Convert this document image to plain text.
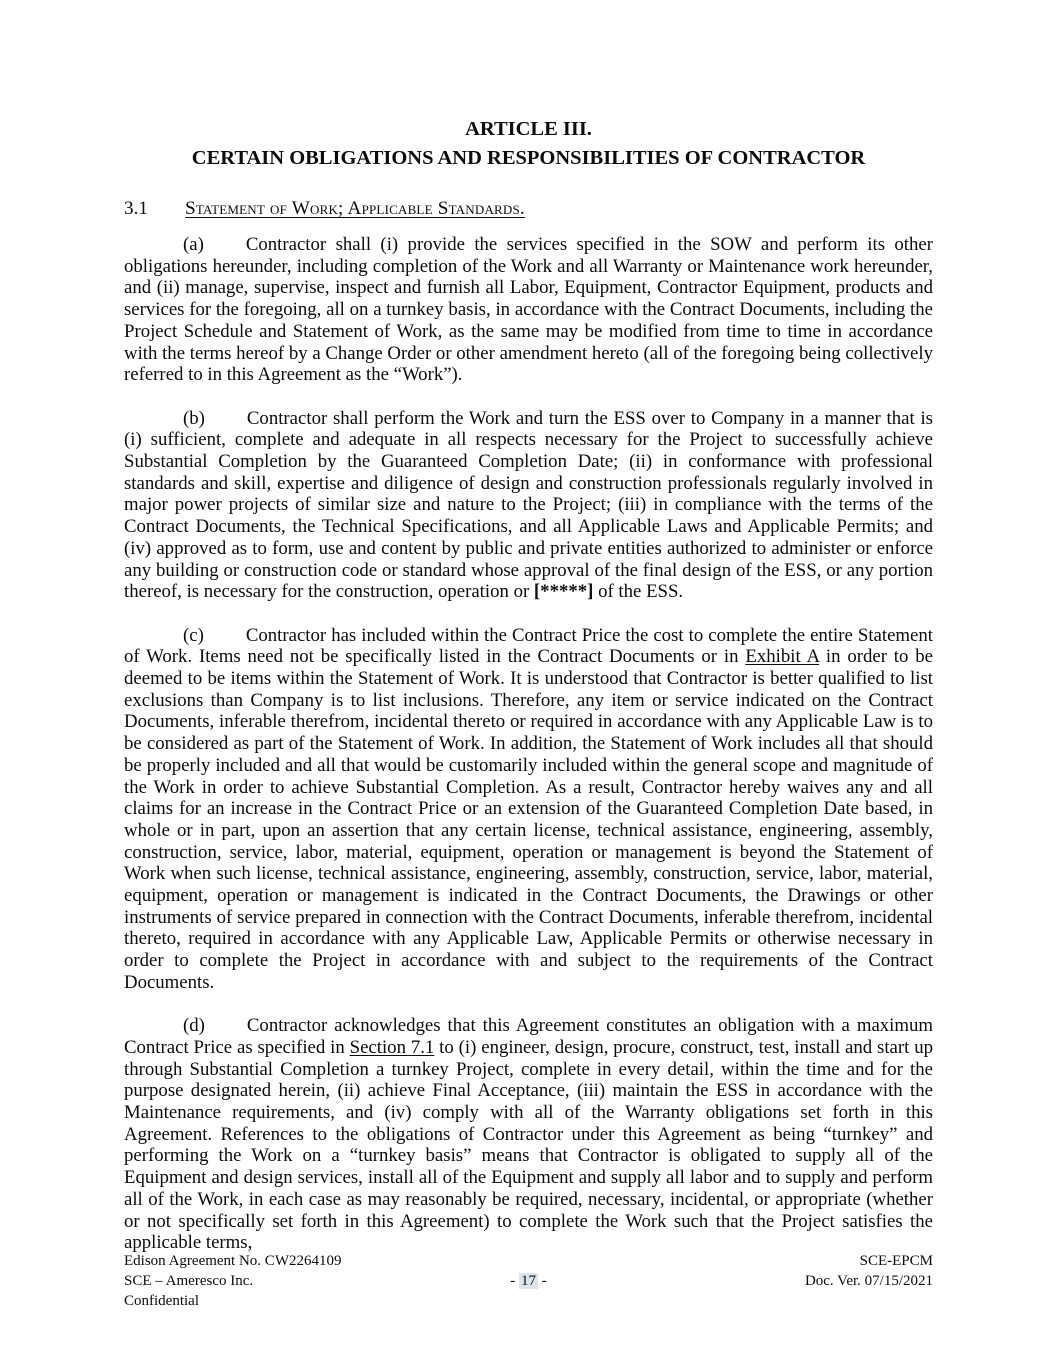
ARTICLE III.
CERTAIN OBLIGATIONS AND RESPONSIBILITIES OF CONTRACTOR
3.1	Statement of Work; Applicable Standards.

(a) Contractor shall (i) provide the services specified in the SOW and perform its other obligations hereunder, including completion of the Work and all Warranty or Maintenance work hereunder, and (ii) manage, supervise, inspect and furnish all Labor, Equipment, Contractor Equipment, products and services for the foregoing, all on a turnkey basis, in accordance with the Contract Documents, including the Project Schedule and Statement of Work, as the same may be modified from time to time in accordance with the terms hereof by a Change Order or other amendment hereto (all of the foregoing being collectively referred to in this Agreement as the “Work”).

(b) Contractor shall perform the Work and turn the ESS over to Company in a manner that is (i) sufficient, complete and adequate in all respects necessary for the Project to successfully achieve Substantial Completion by the Guaranteed Completion Date; (ii) in conformance with professional standards and skill, expertise and diligence of design and construction professionals regularly involved in major power projects of similar size and nature to the Project; (iii) in compliance with the terms of the Contract Documents, the Technical Specifications, and all Applicable Laws and Applicable Permits; and (iv) approved as to form, use and content by public and private entities authorized to administer or enforce any building or construction code or standard whose approval of the final design of the ESS, or any portion thereof, is necessary for the construction, operation or [*****] of the ESS.

(c) Contractor has included within the Contract Price the cost to complete the entire Statement of Work. Items need not be specifically listed in the Contract Documents or in Exhibit A in order to be deemed to be items within the Statement of Work. It is understood that Contractor is better qualified to list exclusions than Company is to list inclusions. Therefore, any item or service indicated on the Contract Documents, inferable therefrom, incidental thereto or required in accordance with any Applicable Law is to be considered as part of the Statement of Work. In addition, the Statement of Work includes all that should be properly included and all that would be customarily included within the general scope and magnitude of the Work in order to achieve Substantial Completion. As a result, Contractor hereby waives any and all claims for an increase in the Contract Price or an extension of the Guaranteed Completion Date based, in whole or in part, upon an assertion that any certain license, technical assistance, engineering, assembly, construction, service, labor, material, equipment, operation or management is beyond the Statement of Work when such license, technical assistance, engineering, assembly, construction, service, labor, material, equipment, operation or management is indicated in the Contract Documents, the Drawings or other instruments of service prepared in connection with the Contract Documents, inferable therefrom, incidental thereto, required in accordance with any Applicable Law, Applicable Permits or otherwise necessary in order to complete the Project in accordance with and subject to the requirements of the Contract Documents.

(d) Contractor acknowledges that this Agreement constitutes an obligation with a maximum Contract Price as specified in Section 7.1 to (i) engineer, design, procure, construct, test, install and start up through Substantial Completion a turnkey Project, complete in every detail, within the time and for the purpose designated herein, (ii) achieve Final Acceptance, (iii) maintain the ESS in accordance with the Maintenance requirements, and (iv) comply with all of the Warranty obligations set forth in this Agreement. References to the obligations of Contractor under this Agreement as being “turnkey” and performing the Work on a “turnkey basis” means that Contractor is obligated to supply all of the Equipment and design services, install all of the Equipment and supply all labor and to supply and perform all of the Work, in each case as may reasonably be required, necessary, incidental, or appropriate (whether or not specifically set forth in this Agreement) to complete the Work such that the Project satisfies the applicable terms,

Edison Agreement No. CW2264109
SCE – Ameresco Inc.
Confidential
- 17 -
SCE-EPCM
Doc. Ver. 07/15/2021
